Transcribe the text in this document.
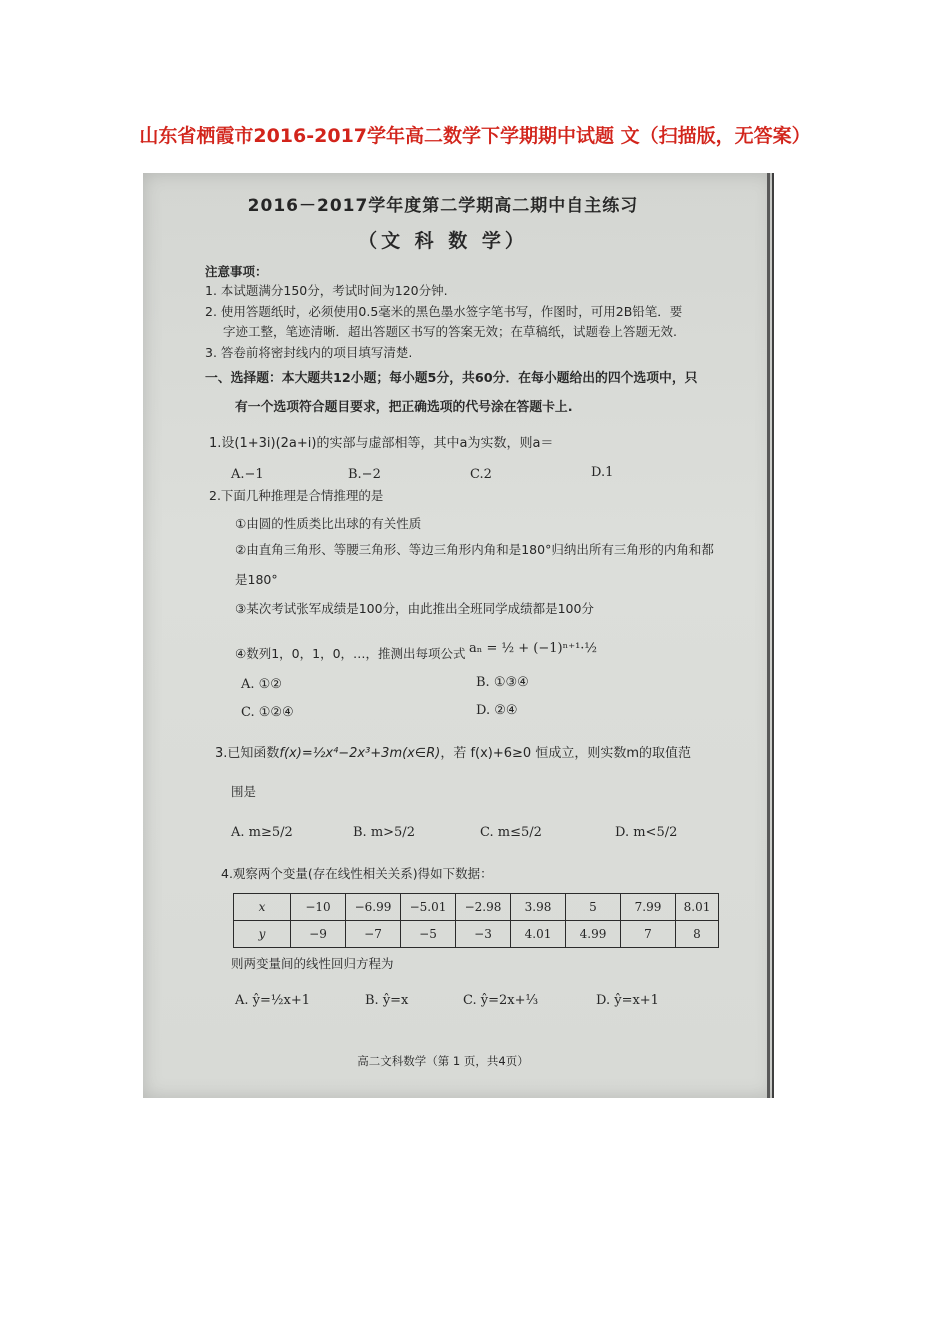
山东省栖霞市2016-2017学年高二数学下学期期中试题 文（扫描版，无答案）
2016－2017学年度第二学期高二期中自主练习
（文 科 数 学）
注意事项：
1. 本试题满分150分，考试时间为120分钟.
2. 使用答题纸时，必须使用0.5毫米的黑色墨水签字笔书写，作图时，可用2B铅笔．要
字迹工整，笔迹清晰．超出答题区书写的答案无效；在草稿纸，试题卷上答题无效.
3. 答卷前将密封线内的项目填写清楚.
一、选择题：本大题共12小题；每小题5分，共60分．在每小题给出的四个选项中，只
有一个选项符合题目要求，把正确选项的代号涂在答题卡上.
1.设(1+3i)(2a+i)的实部与虚部相等，其中a为实数，则a＝
A.−1	B.−2	C.2	D.1
2.下面几种推理是合情推理的是
①由圆的性质类比出球的有关性质
②由直角三角形、等腰三角形、等边三角形内角和是180°归纳出所有三角形的内角和都
是180°
③某次考试张军成绩是100分，由此推出全班同学成绩都是100分
④数列1，0，1，0，…，推测出每项公式 aₙ = ½ + (−1)ⁿ⁺¹·½
A. ①②	B. ①③④
C. ①②④	D. ②④
3.已知函数f(x)=½x⁴−2x³+3m(x∈R)，若 f(x)+6≥0 恒成立，则实数m的取值范
围是
A. m≥5/2	B. m>5/2	C. m≤5/2	D. m<5/2
4.观察两个变量(存在线性相关关系)得如下数据：
x	−10	−6.99	−5.01	−2.98	3.98	5	7.99	8.01
y	−9	−7	−5	−3	4.01	4.99	7	8
则两变量间的线性回归方程为
A. ŷ=½x+1	B. ŷ=x	C. ŷ=2x+⅓	D. ŷ=x+1
高二文科数学（第 1 页，共4页）
